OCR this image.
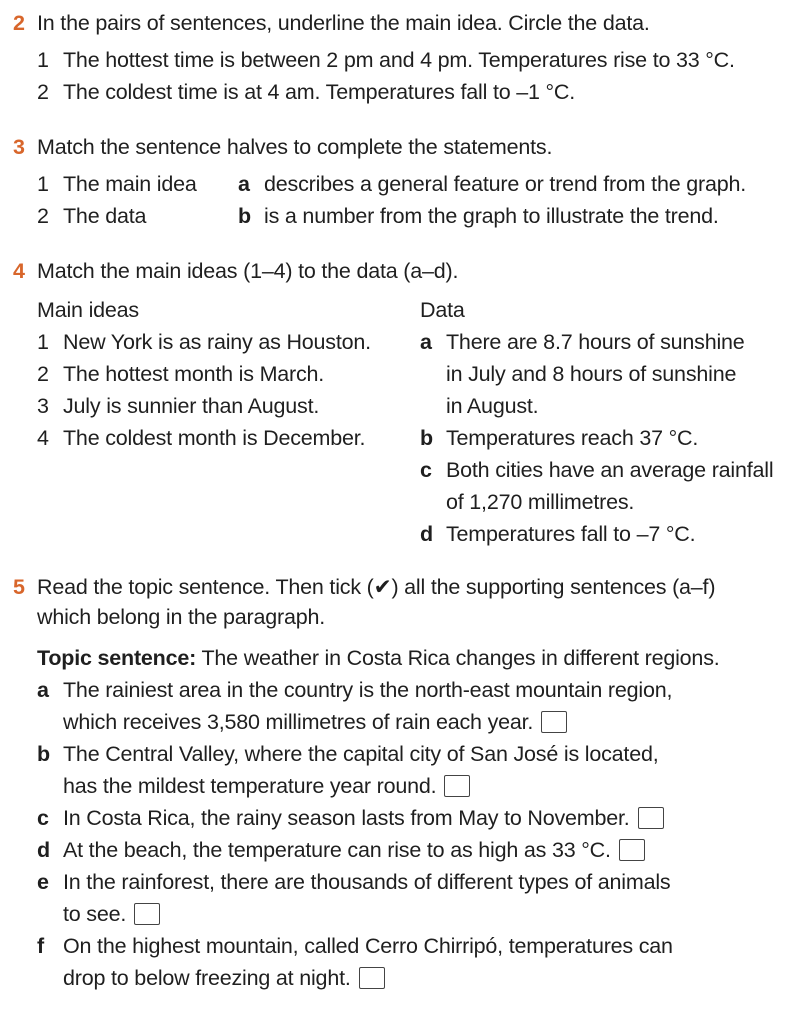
2 In the pairs of sentences, underline the main idea. Circle the data.
1 The hottest time is between 2 pm and 4 pm. Temperatures rise to 33 °C.
2 The coldest time is at 4 am. Temperatures fall to –1 °C.
3 Match the sentence halves to complete the statements.
1 The main idea
2 The data
a describes a general feature or trend from the graph.
b is a number from the graph to illustrate the trend.
4 Match the main ideas (1–4) to the data (a–d).
Main ideas
1 New York is as rainy as Houston.
2 The hottest month is March.
3 July is sunnier than August.
4 The coldest month is December.
Data
a There are 8.7 hours of sunshine
in July and 8 hours of sunshine
in August.
b Temperatures reach 37 °C.
c Both cities have an average rainfall
of 1,270 millimetres.
d Temperatures fall to –7 °C.
5 Read the topic sentence. Then tick (✔) all the supporting sentences (a–f)
which belong in the paragraph.
Topic sentence: The weather in Costa Rica changes in different regions.
a The rainiest area in the country is the north-east mountain region,
which receives 3,580 millimetres of rain each year.
b The Central Valley, where the capital city of San José is located,
has the mildest temperature year round.
c In Costa Rica, the rainy season lasts from May to November.
d At the beach, the temperature can rise to as high as 33 °C.
e In the rainforest, there are thousands of different types of animals
to see.
f On the highest mountain, called Cerro Chirripó, temperatures can
drop to below freezing at night.
